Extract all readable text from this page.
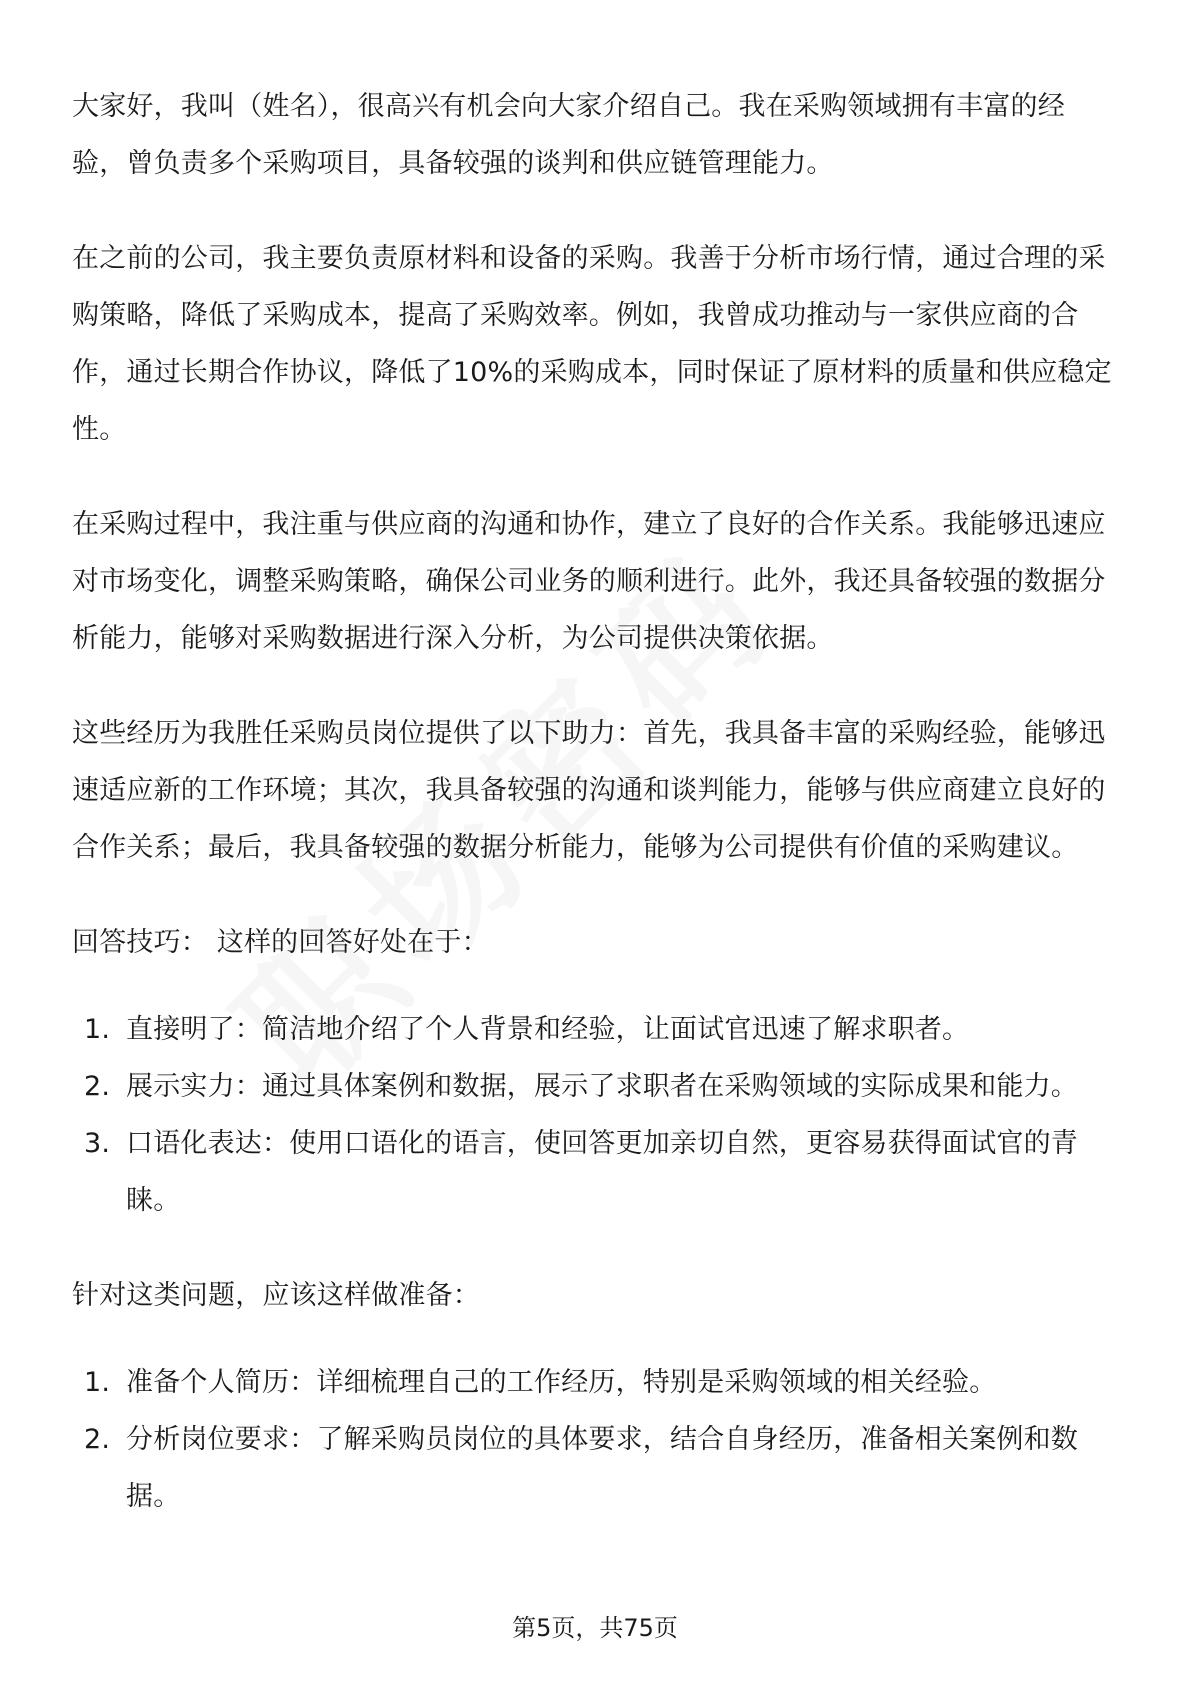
大家好，我叫（姓名），很高兴有机会向大家介绍自己。我在采购领域拥有丰富的经验，曾负责多个采购项目，具备较强的谈判和供应链管理能力。

在之前的公司，我主要负责原材料和设备的采购。我善于分析市场行情，通过合理的采购策略，降低了采购成本，提高了采购效率。例如，我曾成功推动与一家供应商的合作，通过长期合作协议，降低了10%的采购成本，同时保证了原材料的质量和供应稳定性。

在采购过程中，我注重与供应商的沟通和协作，建立了良好的合作关系。我能够迅速应对市场变化，调整采购策略，确保公司业务的顺利进行。此外，我还具备较强的数据分析能力，能够对采购数据进行深入分析，为公司提供决策依据。

这些经历为我胜任采购员岗位提供了以下助力：首先，我具备丰富的采购经验，能够迅速适应新的工作环境；其次，我具备较强的沟通和谈判能力，能够与供应商建立良好的合作关系；最后，我具备较强的数据分析能力，能够为公司提供有价值的采购建议。

回答技巧： 这样的回答好处在于：

1. 直接明了：简洁地介绍了个人背景和经验，让面试官迅速了解求职者。
2. 展示实力：通过具体案例和数据，展示了求职者在采购领域的实际成果和能力。
3. 口语化表达：使用口语化的语言，使回答更加亲切自然，更容易获得面试官的青睐。

针对这类问题，应该这样做准备：

1. 准备个人简历：详细梳理自己的工作经历，特别是采购领域的相关经验。
2. 分析岗位要求：了解采购员岗位的具体要求，结合自身经历，准备相关案例和数据。
第5页，共75页
